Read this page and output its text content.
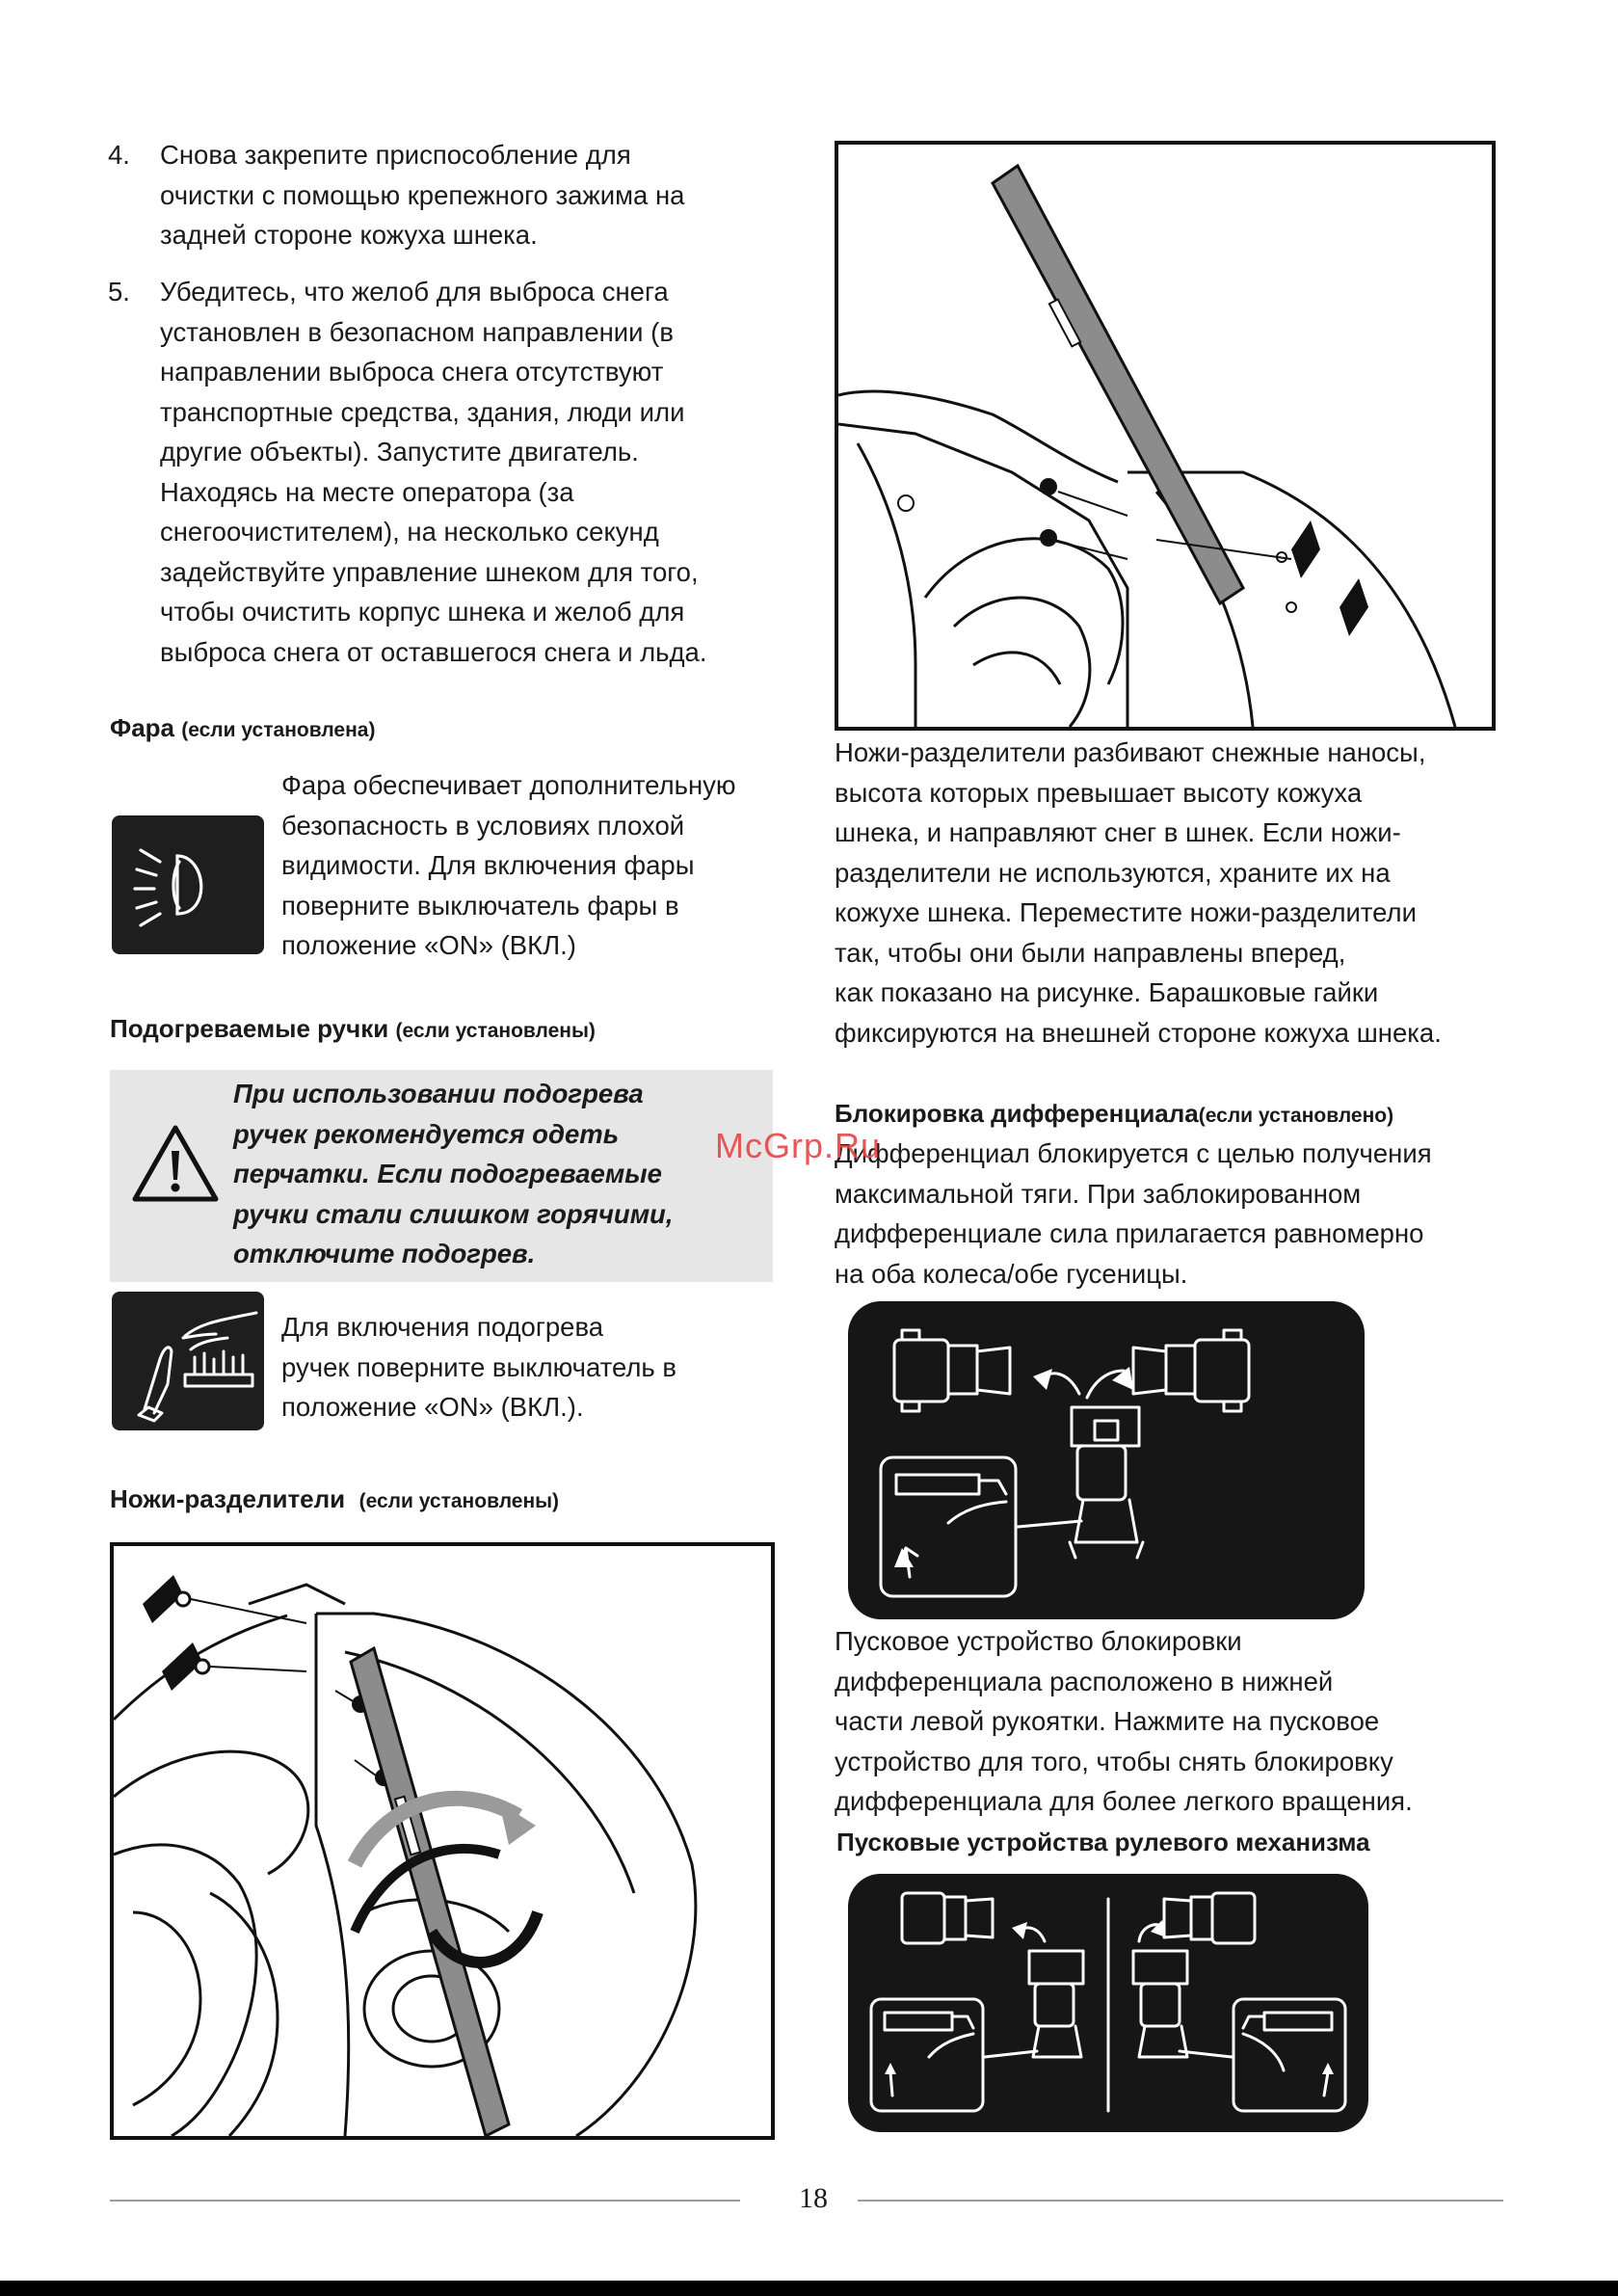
4. Снова закрепите приспособление для
очистки с помощью крепежного зажима на
задней стороне кожуха шнека.
5. Убедитесь, что желоб для выброса снега
установлен в безопасном направлении (в
направлении выброса снега отсутствуют
транспортные средства, здания, люди или
другие объекты). Запустите двигатель.
Находясь на месте оператора (за
снегоочистителем), на несколько секунд
задействуйте управление шнеком для того,
чтобы очистить корпус шнека и желоб для
выброса снега от оставшегося снега и льда.
Фара (если установлена)
Фара обеспечивает дополнительную
безопасность в условиях плохой
видимости. Для включения фары
поверните выключатель фары в
положение «ON» (ВКЛ.)
Подогреваемые ручки (если установлены)
При использовании подогрева
ручек рекомендуется одеть
перчатки. Если подогреваемые
ручки стали слишком горячими,
отключите подогрев.
Для включения подогрева
ручек поверните выключатель в
положение «ON» (ВКЛ.).
Ножи-разделители (если установлены)
Ножи-разделители разбивают снежные наносы,
высота которых превышает высоту кожуха
шнека, и направляют снег в шнек. Если ножи-
разделители не используются, храните их на
кожухе шнека. Переместите ножи-разделители
так, чтобы они были направлены вперед,
как показано на рисунке. Барашковые гайки
фиксируются на внешней стороне кожуха шнека.
Блокировка дифференциала(если установлено)
Дифференциал блокируется с целью получения
максимальной тяги. При заблокированном
дифференциале сила прилагается равномерно
на оба колеса/обе гусеницы.
Пусковое устройство блокировки
дифференциала расположено в нижней
части левой рукоятки. Нажмите на пусковое
устройство для того, чтобы снять блокировку
дифференциала для более легкого вращения.
Пусковые устройства рулевого механизма
McGrp.Ru
18
